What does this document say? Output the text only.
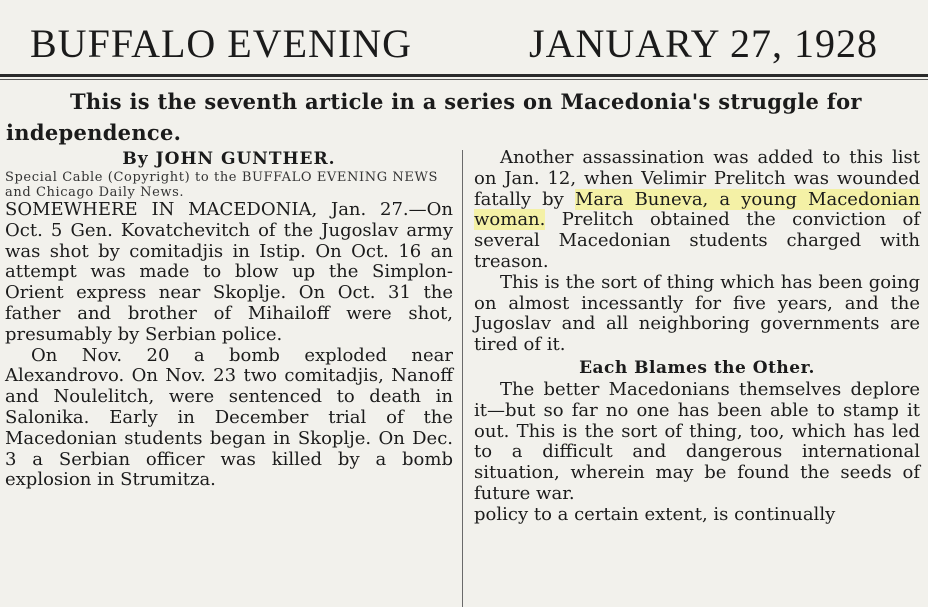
BUFFALO EVENING	JANUARY 27, 1928
This is the seventh article in a series on Macedonia's struggle for independence.
By JOHN GUNTHER.
Special Cable (Copyright) to the BUFFALO EVENING NEWS and Chicago Daily News.

SOMEWHERE IN MACEDONIA, Jan. 27.—On Oct. 5 Gen. Kovatchevitch of the Jugoslav army was shot by comitadjis in Istip. On Oct. 16 an attempt was made to blow up the Simplon-Orient express near Skoplje. On Oct. 31 the father and brother of Mihailoff were shot, presumably by Serbian police.

On Nov. 20 a bomb exploded near Alexandrovo. On Nov. 23 two comitadjis, Nanoff and Noulelitch, were sentenced to death in Salonika. Early in December trial of the Macedonian students began in Skoplje. On Dec. 3 a Serbian officer was killed by a bomb explosion in Strumitza.

Another assassination was added to this list on Jan. 12, when Velimir Prelitch was wounded fatally by Mara Buneva, a young Macedonian woman. Prelitch obtained the conviction of several Macedonian students charged with treason.

This is the sort of thing which has been going on almost incessantly for five years, and the Jugoslav and all neighboring governments are tired of it.

Each Blames the Other.

The better Macedonians themselves deplore it—but so far no one has been able to stamp it out. This is the sort of thing, too, which has led to a difficult and dangerous international situation, wherein may be found the seeds of future war.

policy to a certain extent, is continually
